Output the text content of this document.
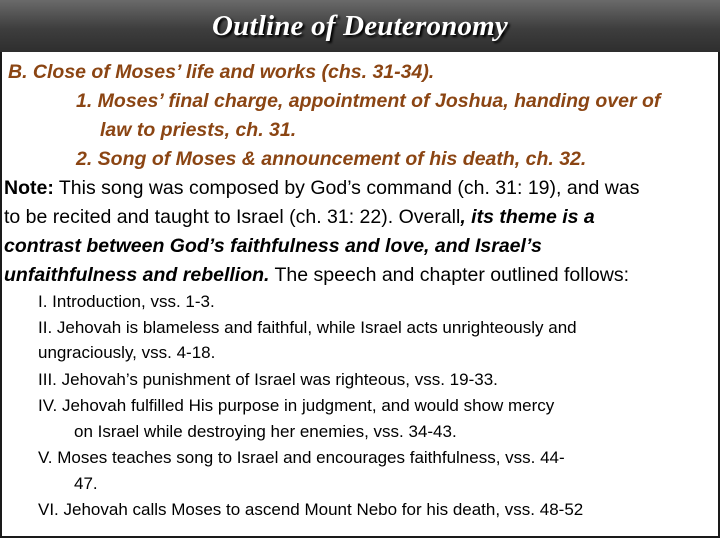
Outline of Deuteronomy
B. Close of Moses’ life and works (chs. 31-34).
1. Moses’ final charge, appointment of Joshua, handing over of
law to priests, ch. 31.
2. Song of Moses & announcement of his death, ch. 32.
Note: This song was composed by God’s command (ch. 31: 19), and was
to be recited and taught to Israel (ch. 31: 22). Overall, its theme is a
contrast between God’s faithfulness and love, and Israel’s
unfaithfulness and rebellion. The speech and chapter outlined follows:
I. Introduction, vss. 1-3.
II. Jehovah is blameless and faithful, while Israel acts unrighteously and
ungraciously, vss. 4-18.
III. Jehovah’s punishment of Israel was righteous, vss. 19-33.
IV. Jehovah fulfilled His purpose in judgment, and would show mercy
on Israel while destroying her enemies, vss. 34-43.
V. Moses teaches song to Israel and encourages faithfulness, vss. 44-
47.
VI. Jehovah calls Moses to ascend Mount Nebo for his death, vss. 48-52
